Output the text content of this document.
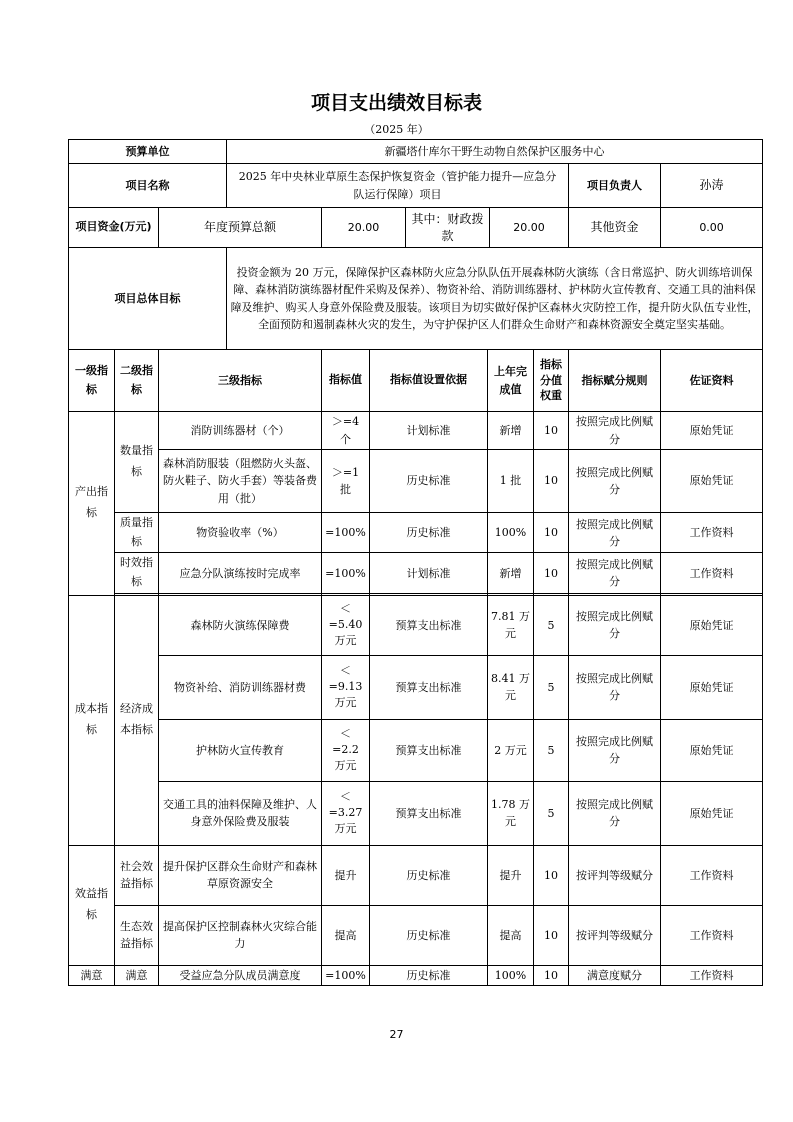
项目支出绩效目标表
（2025 年）
预算单位			新疆塔什库尔干野生动物自然保护区服务中心								
项目名称			2025 年中央林业草原生态保护恢复资金（管护能力提升—应急分队运行保障）项目							项目负责人	孙涛
项目资金(万元)		年度预算总额		20.00		其中：财政拨款		20.00		其他资金	0.00
项目总体目标			投资金额为 20 万元，保障保护区森林防火应急分队队伍开展森林防火演练（含日常巡护、防火训练培训保障、森林消防演练器材配件采购及保养）、物资补给、消防训练器材、护林防火宣传教育、交通工具的油料保障及维护、购买人身意外保险费及服装。该项目为切实做好保护区森林火灾防控工作，提升防火队伍专业性，全面预防和遏制森林火灾的发生，为守护保护区人们群众生命财产和森林资源安全奠定坚实基础。								
一级指标	二级指标	三级指标		指标值	指标值设置依据		上年完成值		指标分值权重	指标赋分规则	佐证资料
产出指标	数量指标	消防训练器材（个）		＞=4 个	计划标准		新增		10	按照完成比例赋分	原始凭证
		森林消防服装（阻燃防火头盔、防火鞋子、防火手套）等装备费用（批）		＞=1 批	历史标准		1 批		10	按照完成比例赋分	原始凭证
	质量指标	物资验收率（%）		=100%	历史标准		100%		10	按照完成比例赋分	工作资料
	时效指标	应急分队演练按时完成率		=100%	计划标准		新增		10	按照完成比例赋分	工作资料

成本指标	经济成本指标	森林防火演练保障费		＜ =5.40 万元	预算支出标准		7.81 万元		5	按照完成比例赋分	原始凭证
		物资补给、消防训练器材费		＜ =9.13 万元	预算支出标准		8.41 万元		5	按照完成比例赋分	原始凭证
		护林防火宣传教育		＜ =2.2 万元	预算支出标准		2 万元		5	按照完成比例赋分	原始凭证
		交通工具的油料保障及维护、人身意外保险费及服装		＜ =3.27 万元	预算支出标准		1.78 万元		5	按照完成比例赋分	原始凭证
效益指标	社会效益指标	提升保护区群众生命财产和森林草原资源安全		提升	历史标准		提升		10	按评判等级赋分	工作资料
	生态效益指标	提高保护区控制森林火灾综合能力		提高	历史标准		提高		10	按评判等级赋分	工作资料
满意	满意	受益应急分队成员满意度		=100%	历史标准		100%		10	满意度赋分	工作资料
27
